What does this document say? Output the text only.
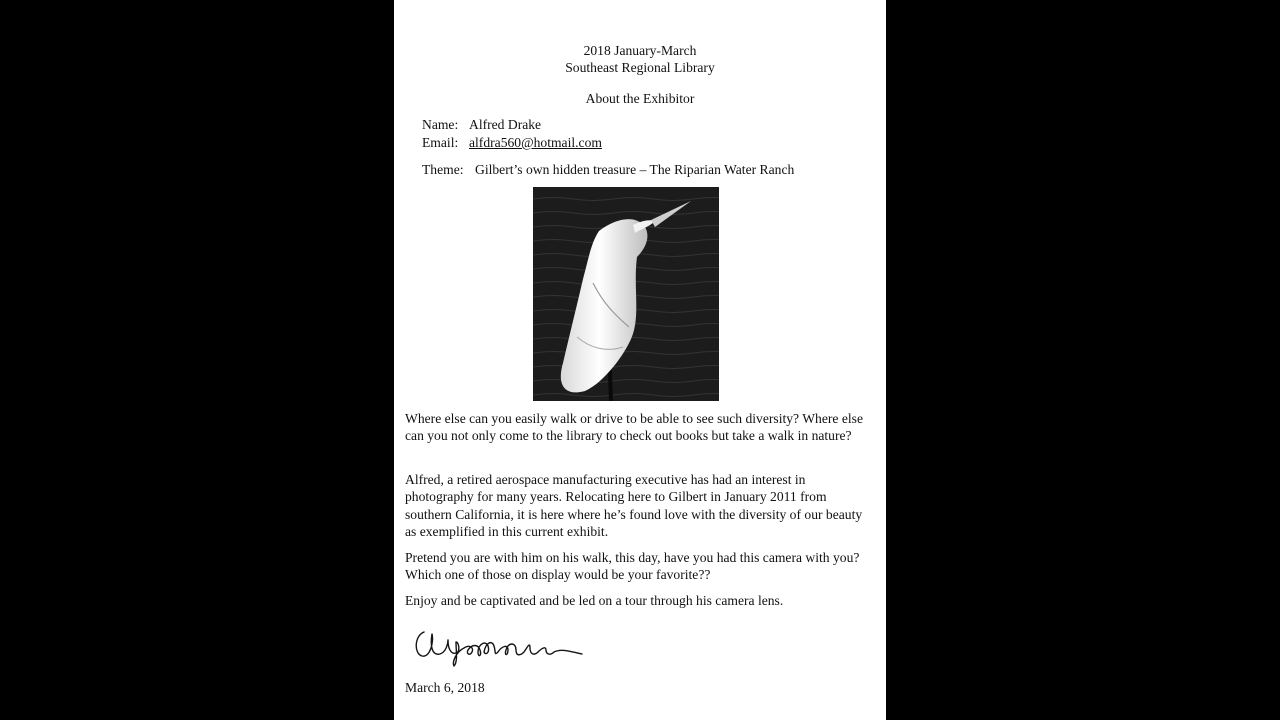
2018 January-March
Southeast Regional Library
About the Exhibitor
Name: Alfred Drake
Email: alfdra560@hotmail.com
Theme: Gilbert’s own hidden treasure – The Riparian Water Ranch
Where else can you easily walk or drive to be able to see such diversity? Where else can you not only come to the library to check out books but take a walk in nature?
Alfred, a retired aerospace manufacturing executive has had an interest in photography for many years. Relocating here to Gilbert in January 2011 from southern California, it is here where he’s found love with the diversity of our beauty as exemplified in this current exhibit.
Pretend you are with him on his walk, this day, have you had this camera with you? Which one of those on display would be your favorite??
Enjoy and be captivated and be led on a tour through his camera lens.
March 6, 2018
